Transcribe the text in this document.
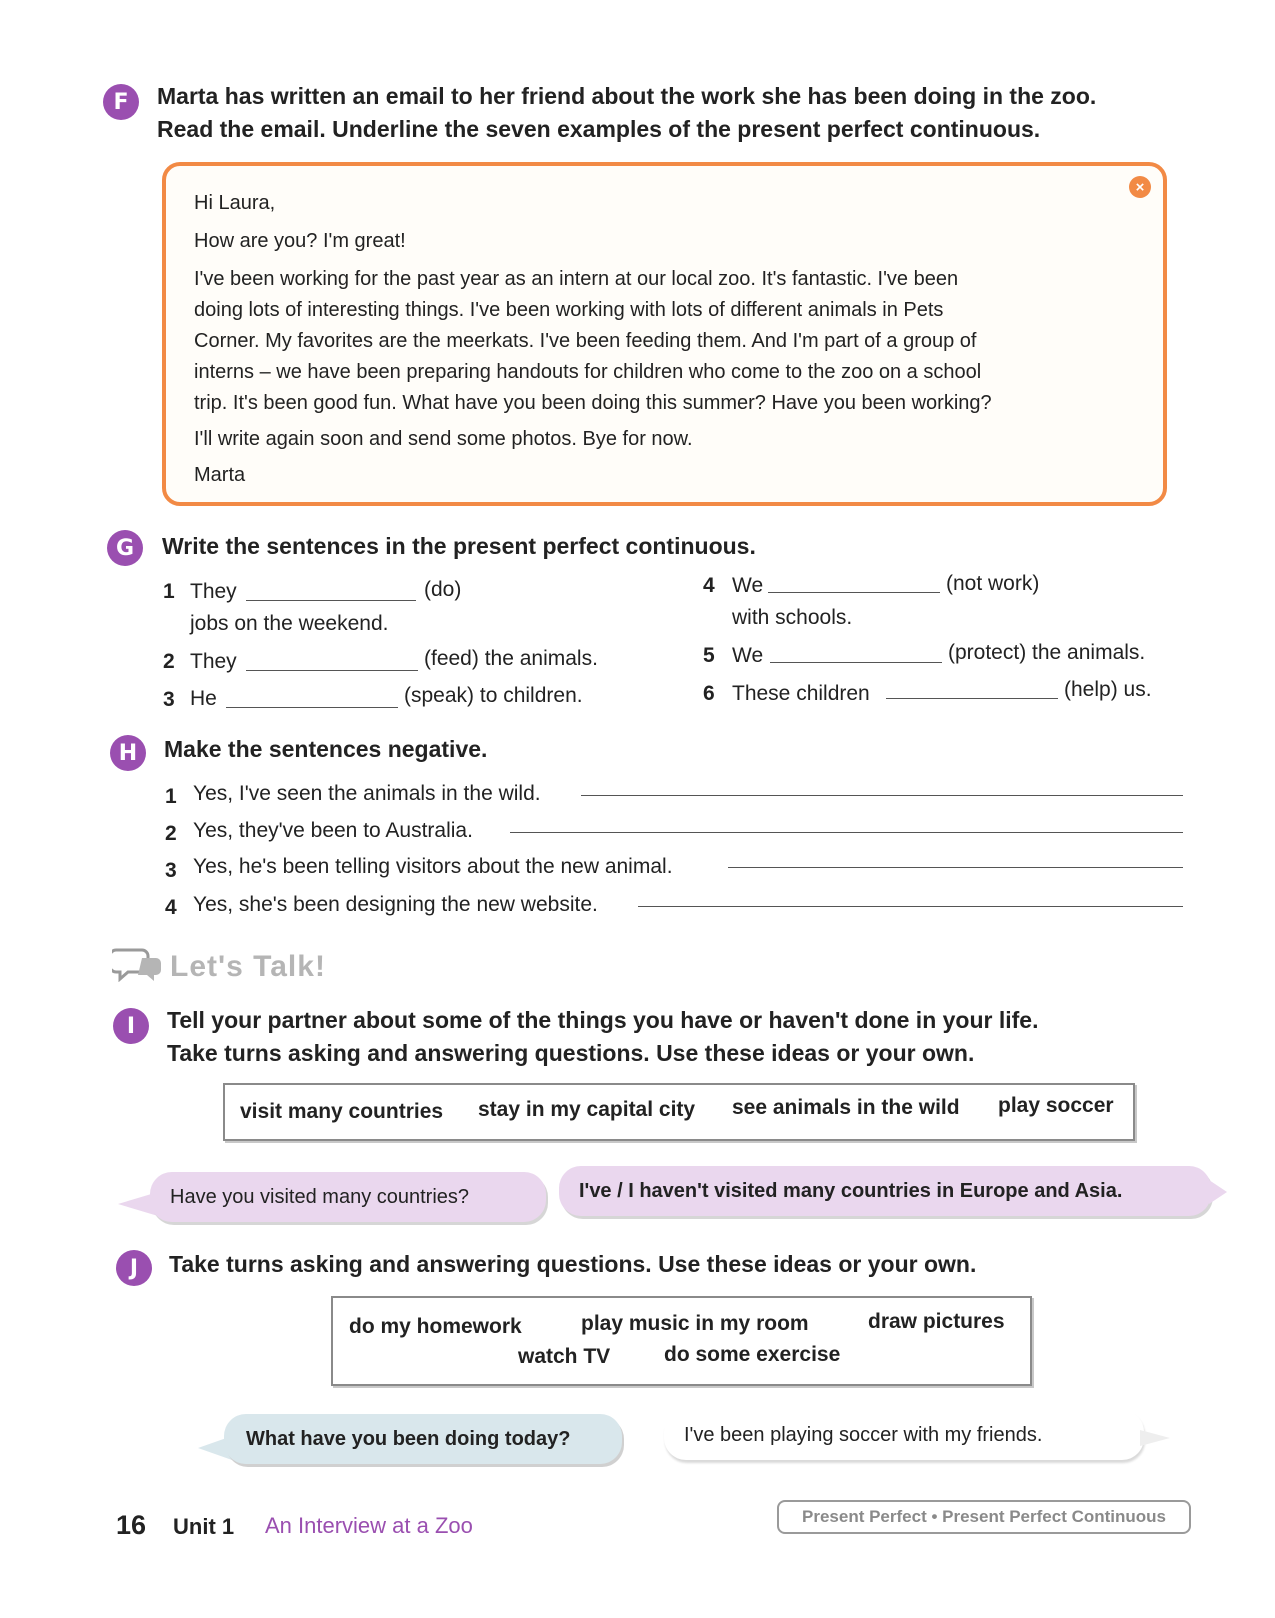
F	Marta has written an email to her friend about the work she has been doing in the zoo.
Read the email. Underline the seven examples of the present perfect continuous.
×

Hi Laura,

How are you? I'm great!

I've been working for the past year as an intern at our local zoo. It's fantastic. I've been

doing lots of interesting things. I've been working with lots of different animals in Pets

Corner. My favorites are the meerkats. I've been feeding them. And I'm part of a group of

interns – we have been preparing handouts for children who come to the zoo on a school

trip. It's been good fun. What have you been doing this summer? Have you been working?

I'll write again soon and send some photos. Bye for now.

Marta

G	Write the sentences in the present perfect continuous.
1 They	(do)
jobs on the weekend.
2 They	(feed) the animals.
3 He	(speak) to children.
4 We	(not work)
with schools.
5 We	(protect) the animals.
6 These children	(help) us.
H	Make the sentences negative.
1 Yes, I've seen the animals in the wild.
2 Yes, they've been to Australia.
3 Yes, he's been telling visitors about the new animal.
4 Yes, she's been designing the new website.
Let's Talk!
I	Tell your partner about some of the things you have or haven't done in your life.
Take turns asking and answering questions. Use these ideas or your own.
visit many countries stay in my capital city see animals in the wild play soccer
Have you visited many countries?	I've / I haven't visited many countries in Europe and Asia.
J	Take turns asking and answering questions. Use these ideas or your own.
do my homework	play music in my room	draw pictures
watch TV	do some exercise
What have you been doing today?	I've been playing soccer with my friends.
16 Unit 1 An Interview at a Zoo	Present Perfect • Present Perfect Continuous
